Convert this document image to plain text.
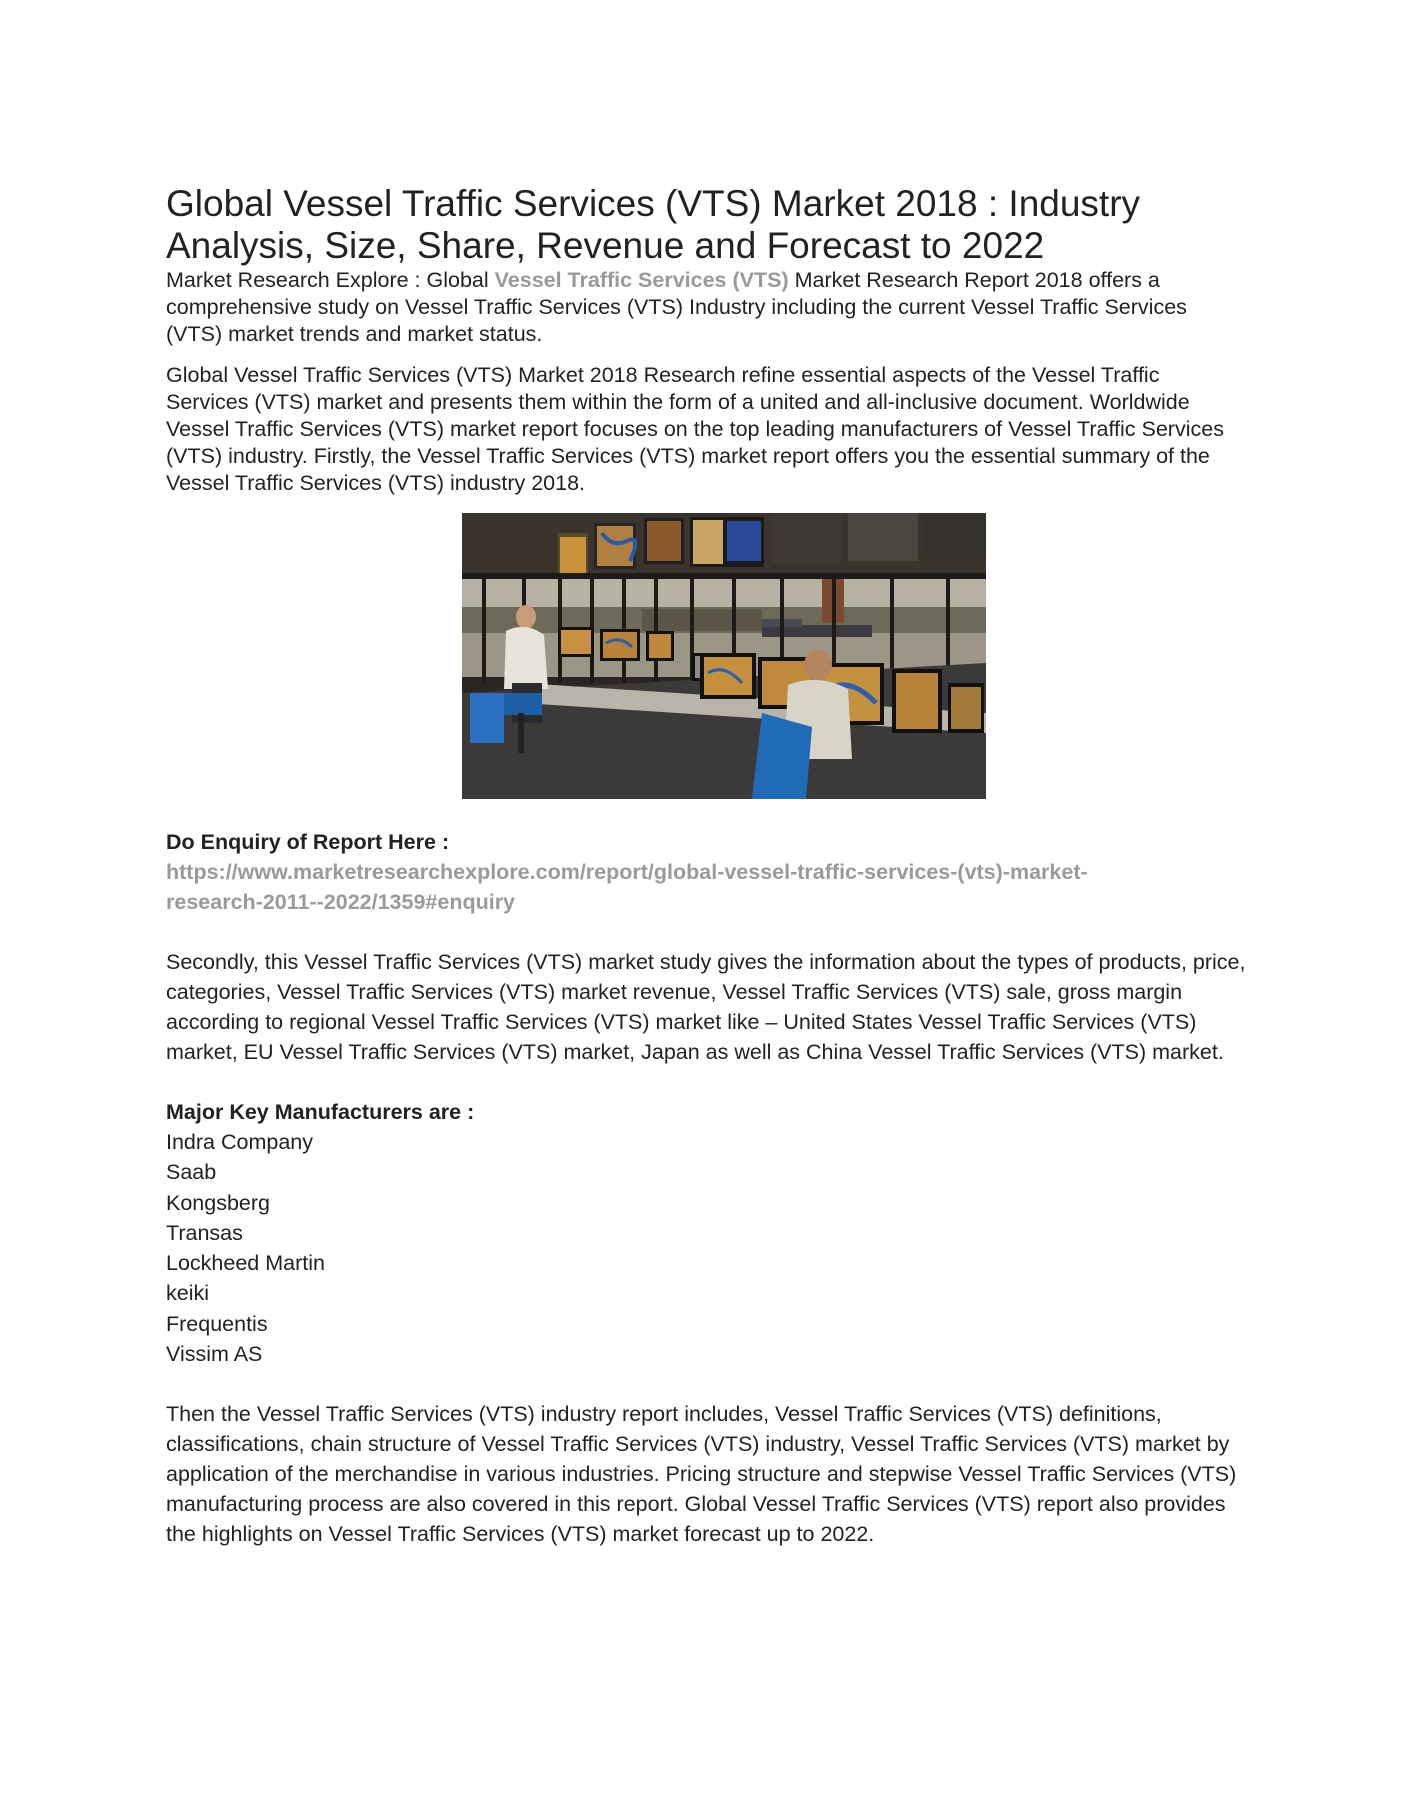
Global Vessel Traffic Services (VTS) Market 2018 : Industry
Analysis, Size, Share, Revenue and Forecast to 2022

Market Research Explore : Global Vessel Traffic Services (VTS) Market Research Report 2018 offers a comprehensive study on Vessel Traffic Services (VTS) Industry including the current Vessel Traffic Services (VTS) market trends and market status.

Global Vessel Traffic Services (VTS) Market 2018 Research refine essential aspects of the Vessel Traffic Services (VTS) market and presents them within the form of a united and all-inclusive document. Worldwide Vessel Traffic Services (VTS) market report focuses on the top leading manufacturers of Vessel Traffic Services (VTS) industry. Firstly, the Vessel Traffic Services (VTS) market report offers you the essential summary of the Vessel Traffic Services (VTS) industry 2018.

Do Enquiry of Report Here :

https://www.marketresearchexplore.com/report/global-vessel-traffic-services-(vts)-market-
research-2011--2022/1359#enquiry

Secondly, this Vessel Traffic Services (VTS) market study gives the information about the types of products, price, categories, Vessel Traffic Services (VTS) market revenue, Vessel Traffic Services (VTS) sale, gross margin according to regional Vessel Traffic Services (VTS) market like – United States Vessel Traffic Services (VTS) market, EU Vessel Traffic Services (VTS) market, Japan as well as China Vessel Traffic Services (VTS) market.

Major Key Manufacturers are :

Indra Company
Saab
Kongsberg
Transas
Lockheed Martin
keiki
Frequentis
Vissim AS

Then the Vessel Traffic Services (VTS) industry report includes, Vessel Traffic Services (VTS) definitions, classifications, chain structure of Vessel Traffic Services (VTS) industry, Vessel Traffic Services (VTS) market by application of the merchandise in various industries. Pricing structure and stepwise Vessel Traffic Services (VTS) manufacturing process are also covered in this report. Global Vessel Traffic Services (VTS) report also provides the highlights on Vessel Traffic Services (VTS) market forecast up to 2022.
